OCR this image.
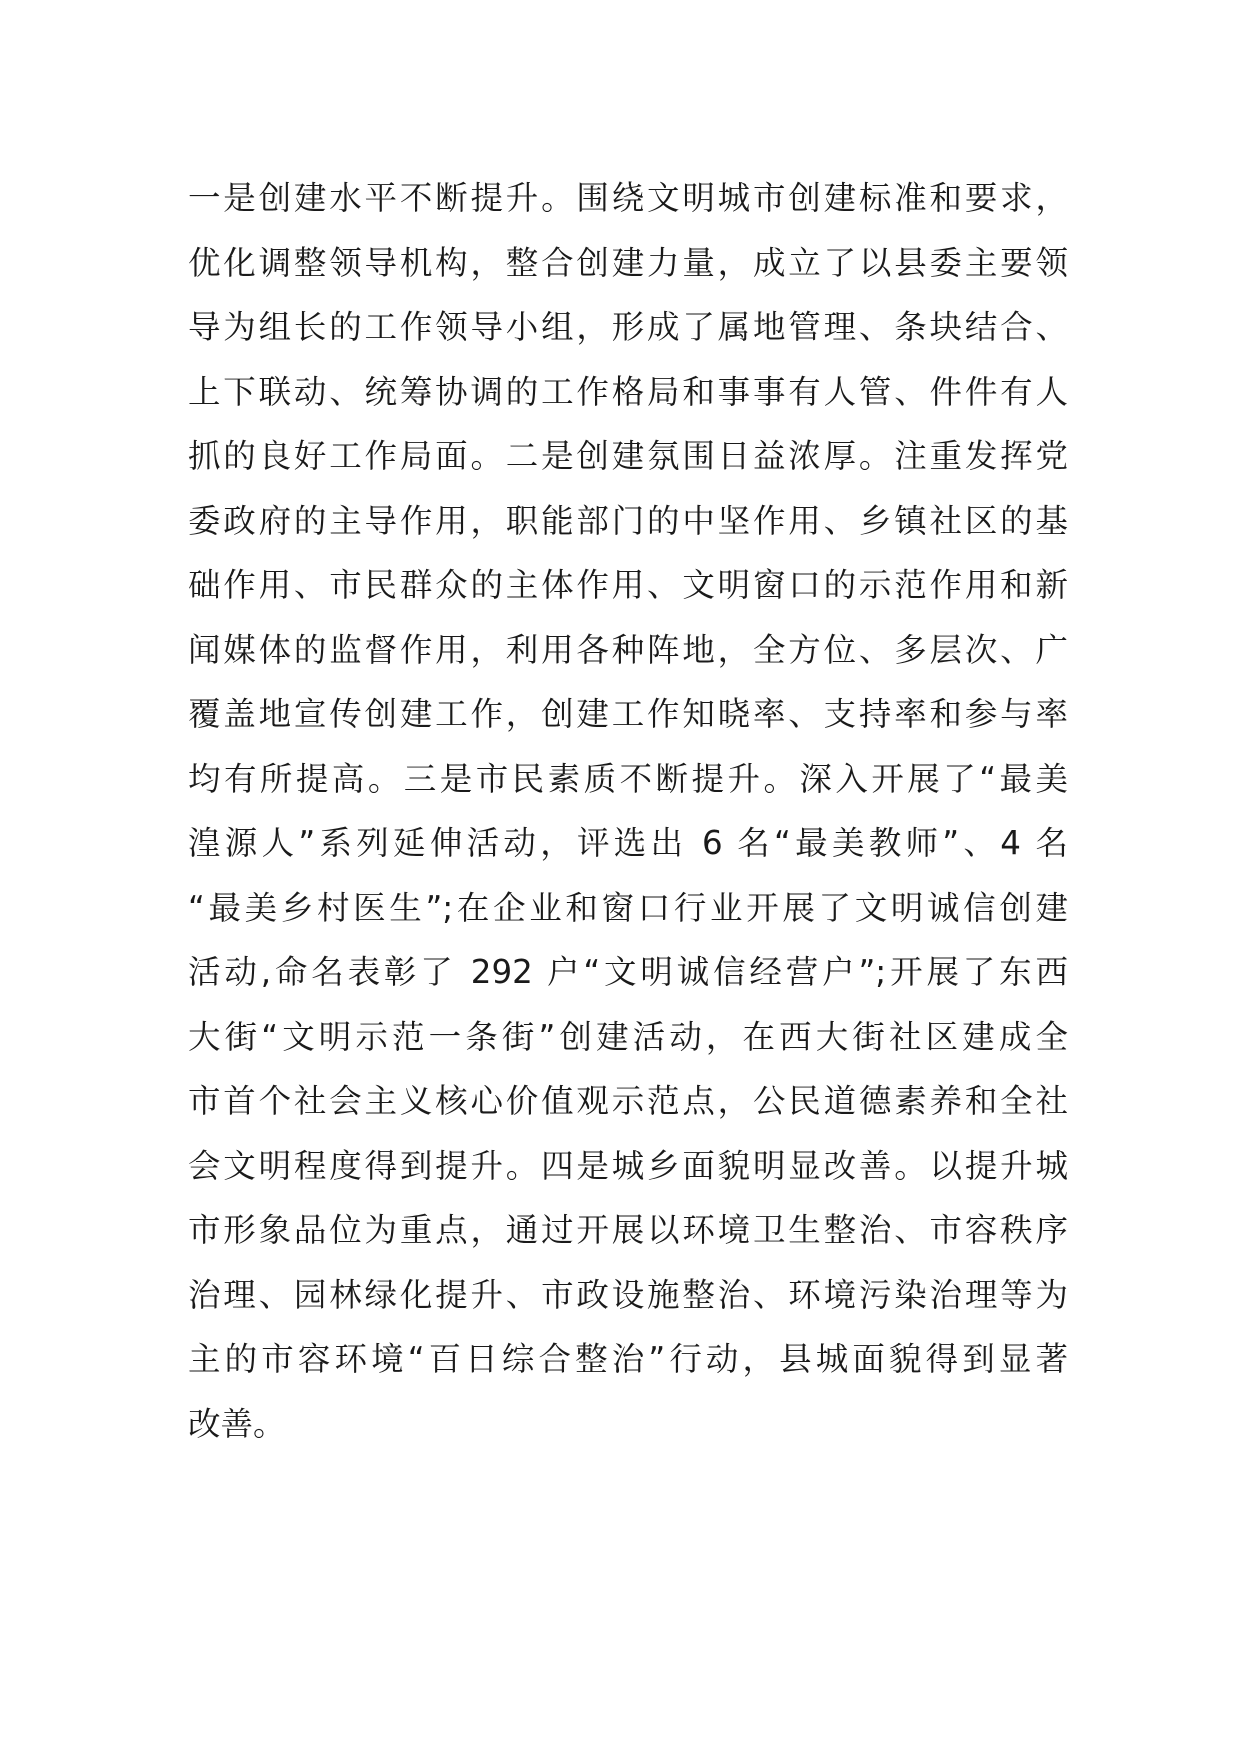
一是创建水平不断提升。围绕文明城市创建标准和要求，
优化调整领导机构，整合创建力量，成立了以县委主要领
导为组长的工作领导小组，形成了属地管理、条块结合、
上下联动、统筹协调的工作格局和事事有人管、件件有人
抓的良好工作局面。二是创建氛围日益浓厚。注重发挥党
委政府的主导作用，职能部门的中坚作用、乡镇社区的基
础作用、市民群众的主体作用、文明窗口的示范作用和新
闻媒体的监督作用，利用各种阵地，全方位、多层次、广
覆盖地宣传创建工作，创建工作知晓率、支持率和参与率
均有所提高。三是市民素质不断提升。深入开展了“最美
湟源人”系列延伸活动，评选出 6 名“最美教师”、4 名
“最美乡村医生”;在企业和窗口行业开展了文明诚信创建
活动,命名表彰了 292 户“文明诚信经营户”;开展了东西
大街“文明示范一条街”创建活动，在西大街社区建成全
市首个社会主义核心价值观示范点，公民道德素养和全社
会文明程度得到提升。四是城乡面貌明显改善。以提升城
市形象品位为重点，通过开展以环境卫生整治、市容秩序
治理、园林绿化提升、市政设施整治、环境污染治理等为
主的市容环境“百日综合整治”行动，县城面貌得到显著
改善。
